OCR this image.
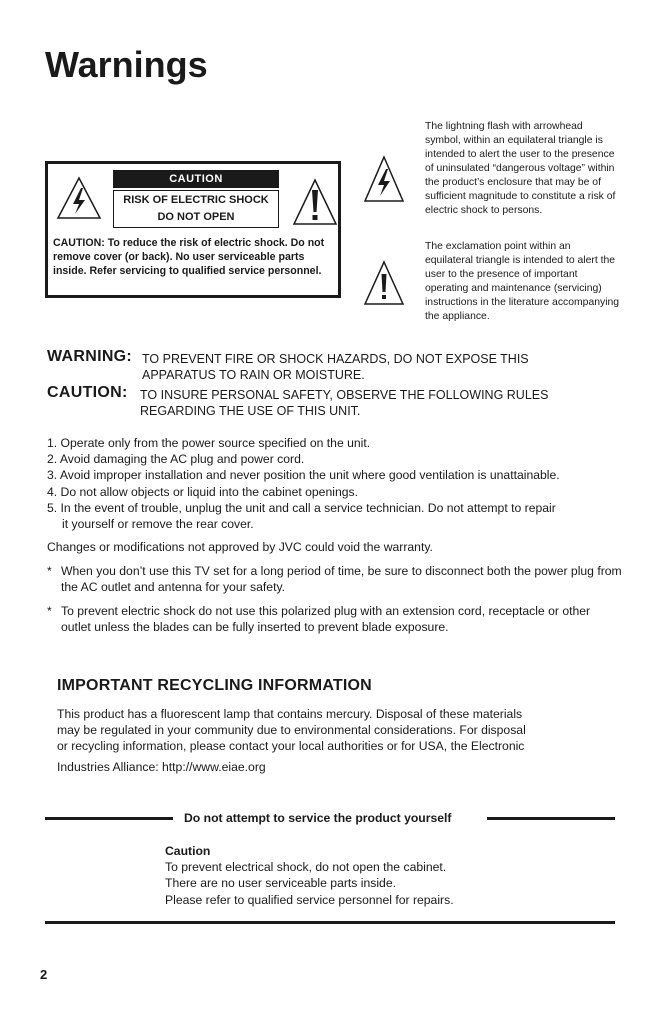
Warnings
CAUTION
RISK OF ELECTRIC SHOCK
DO NOT OPEN
CAUTION: To reduce the risk of electric shock. Do not remove cover (or back). No user serviceable parts inside. Refer servicing to qualified service personnel.
The lightning flash with arrowhead symbol, within an equilateral triangle is intended to alert the user to the presence of uninsulated “dangerous voltage” within the product’s enclosure that may be of sufficient magnitude to constitute a risk of electric shock to persons.
The exclamation point within an equilateral triangle is intended to alert the user to the presence of important operating and maintenance (servicing) instructions in the literature accompanying the appliance.
WARNING: TO PREVENT FIRE OR SHOCK HAZARDS, DO NOT EXPOSE THIS APPARATUS TO RAIN OR MOISTURE.
CAUTION: TO INSURE PERSONAL SAFETY, OBSERVE THE FOLLOWING RULES REGARDING THE USE OF THIS UNIT.
1. Operate only from the power source specified on the unit.
2. Avoid damaging the AC plug and power cord.
3. Avoid improper installation and never position the unit where good ventilation is unattainable.
4. Do not allow objects or liquid into the cabinet openings.
5. In the event of trouble, unplug the unit and call a service technician. Do not attempt to repair
it yourself or remove the rear cover.
Changes or modifications not approved by JVC could void the warranty.
* When you don’t use this TV set for a long period of time, be sure to disconnect both the power plug from the AC outlet and antenna for your safety.
* To prevent electric shock do not use this polarized plug with an extension cord, receptacle or other outlet unless the blades can be fully inserted to prevent blade exposure.
IMPORTANT RECYCLING INFORMATION
This product has a fluorescent lamp that contains mercury. Disposal of these materials
may be regulated in your community due to environmental considerations. For disposal
or recycling information, please contact your local authorities or for USA, the Electronic
Industries Alliance: http://www.eiae.org
Do not attempt to service the product yourself
Caution
To prevent electrical shock, do not open the cabinet.
There are no user serviceable parts inside.
Please refer to qualified service personnel for repairs.
2
